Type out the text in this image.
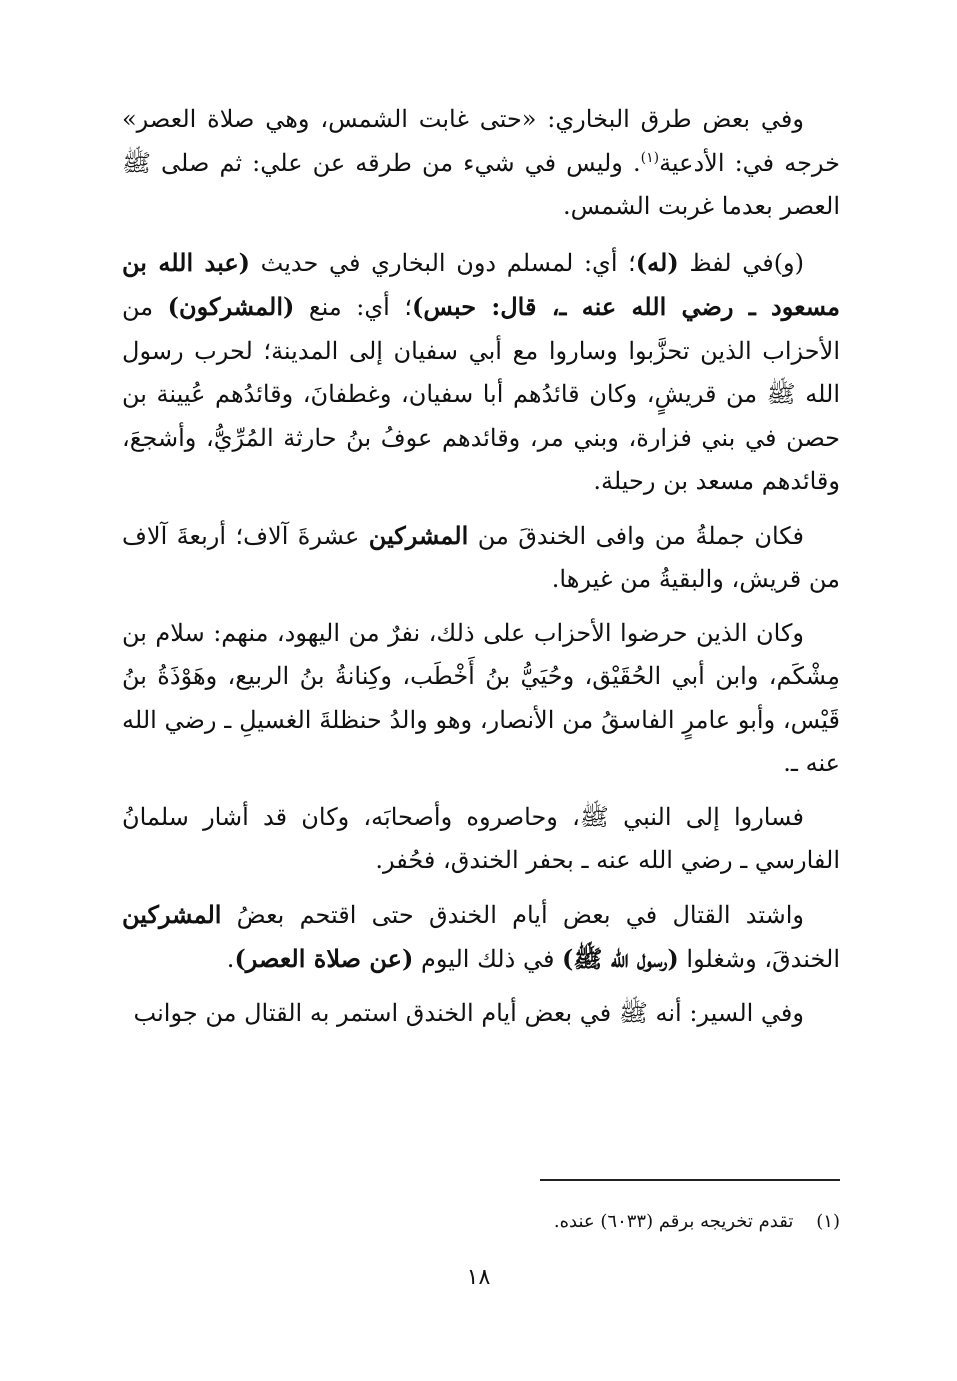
وفي بعض طرق البخاري: «حتى غابت الشمس، وهي صلاة العصر» خرجه في: الأدعية$^{(١)}$. وليس في شيء من طرقه عن علي: ثم صلى ﷺ العصر بعدما غربت الشمس.

(و)في لفظ (له)؛ أي: لمسلم دون البخاري في حديث (عبد الله بن مسعود ـ رضي الله عنه ـ، قال: حبس)؛ أي: منع (المشركون) من الأحزاب الذين تحزَّبوا وساروا مع أبي سفيان إلى المدينة؛ لحرب رسول الله ﷺ من قريشٍ، وكان قائدُهم أبا سفيان، وغطفانَ، وقائدُهم عُيينة بن حصن في بني فزارة، وبني مر، وقائدهم عوفُ بنُ حارثة المُرِّيُّ، وأشجعَ، وقائدهم مسعد بن رحيلة.

فكان جملةُ من وافى الخندقَ من المشركين عشرةَ آلاف؛ أربعةَ آلاف من قريش، والبقيةُ من غيرها.

وكان الذين حرضوا الأحزاب على ذلك، نفرٌ من اليهود، منهم: سلام بن مِشْكَم، وابن أبي الحُقَيْق، وحُيَيُّ بنُ أَخْطَب، وكِنانةُ بنُ الربيع، وهَوْذَةُ بنُ قَيْس، وأبو عامرٍ الفاسقُ من الأنصار، وهو والدُ حنظلةَ الغسيلِ ـ رضي الله عنه ـ.

فساروا إلى النبي ﷺ، وحاصروه وأصحابَه، وكان قد أشار سلمانُ الفارسي ـ رضي الله عنه ـ بحفر الخندق، فحُفر.

واشتد القتال في بعض أيام الخندق حتى اقتحم بعضُ المشركين الخندقَ، وشغلوا (رسول الله ﷺ) في ذلك اليوم (عن صلاة العصر).

وفي السير: أنه ﷺ في بعض أيام الخندق استمر به القتال من جوانب

(١)    تقدم تخريجه برقم (٦٠٣٣) عنده.
١٨
